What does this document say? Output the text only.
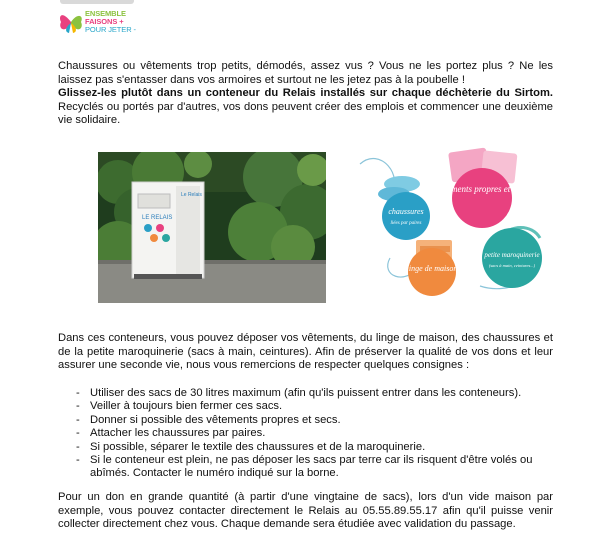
ENSEMBLE
FAISONS +
POUR JETER -

Chaussures ou vêtements trop petits, démodés, assez vus ? Vous ne les portez plus ? Ne les laissez pas s'entasser dans vos armoires et surtout ne les jetez pas à la poubelle !
Glissez-les plutôt dans un conteneur du Relais installés sur chaque déchèterie du Sirtom. Recyclés ou portés par d'autres, vos dons peuvent créer des emplois et commencer une deuxième vie solidaire.

LE RELAIS
Le Relais
vêtements propres et secs
chaussures
liées par paires
linge de maison
petite maroquinerie
(sacs à main, ceintures...)

Dans ces conteneurs, vous pouvez déposer vos vêtements, du linge de maison, des chaussures et de la petite maroquinerie (sacs à main, ceintures). Afin de préserver la qualité de vos dons et leur assurer une seconde vie, nous vous remercions de respecter quelques consignes :

- Utiliser des sacs de 30 litres maximum (afin qu'ils puissent entrer dans les conteneurs).
- Veiller à toujours bien fermer ces sacs.
- Donner si possible des vêtements propres et secs.
- Attacher les chaussures par paires.
- Si possible, séparer le textile des chaussures et de la maroquinerie.
- Si le conteneur est plein, ne pas déposer les sacs par terre car ils risquent d'être volés ou abîmés. Contacter le numéro indiqué sur la borne.

Pour un don en grande quantité (à partir d'une vingtaine de sacs), lors d'un vide maison par exemple, vous pouvez contacter directement le Relais au 05.55.89.55.17 afin qu'il puisse venir collecter directement chez vous. Chaque demande sera étudiée avec validation du passage.
